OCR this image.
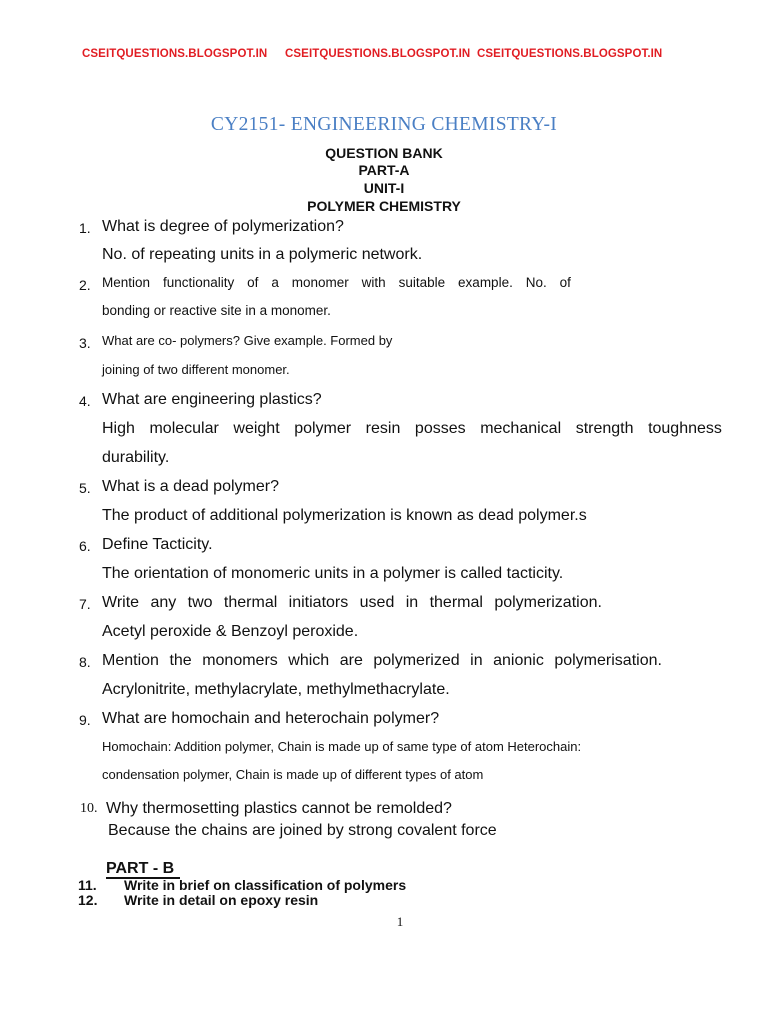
CSEITQUESTIONS.BLOGSPOT.IN CSEITQUESTIONS.BLOGSPOT.IN CSEITQUESTIONS.BLOGSPOT.IN
CY2151- ENGINEERING CHEMISTRY-I
QUESTION BANK
PART-A
UNIT-I
POLYMER CHEMISTRY
1. What is degree of polymerization?
No. of repeating units in a polymeric network.
2. Mention functionality of a monomer with suitable example. No. of
bonding or reactive site in a monomer.
3. What are co- polymers? Give example. Formed by
joining of two different monomer.
4. What are engineering plastics?
High molecular weight polymer resin posses mechanical strength toughness
durability.
5. What is a dead polymer?
The product of additional polymerization is known as dead polymer.s
6. Define Tacticity.
The orientation of monomeric units in a polymer is called tacticity.
7. Write any two thermal initiators used in thermal polymerization.
Acetyl peroxide & Benzoyl peroxide.
8. Mention the monomers which are polymerized in anionic polymerisation.
Acrylonitrite, methylacrylate, methylmethacrylate.
9. What are homochain and heterochain polymer?
Homochain: Addition polymer, Chain is made up of same type of atom Heterochain:
condensation polymer, Chain is made up of different types of atom
10. Why thermosetting plastics cannot be remolded?
Because the chains are joined by strong covalent force
PART - B
11. Write in brief on classification of polymers
12. Write in detail on epoxy resin
1
